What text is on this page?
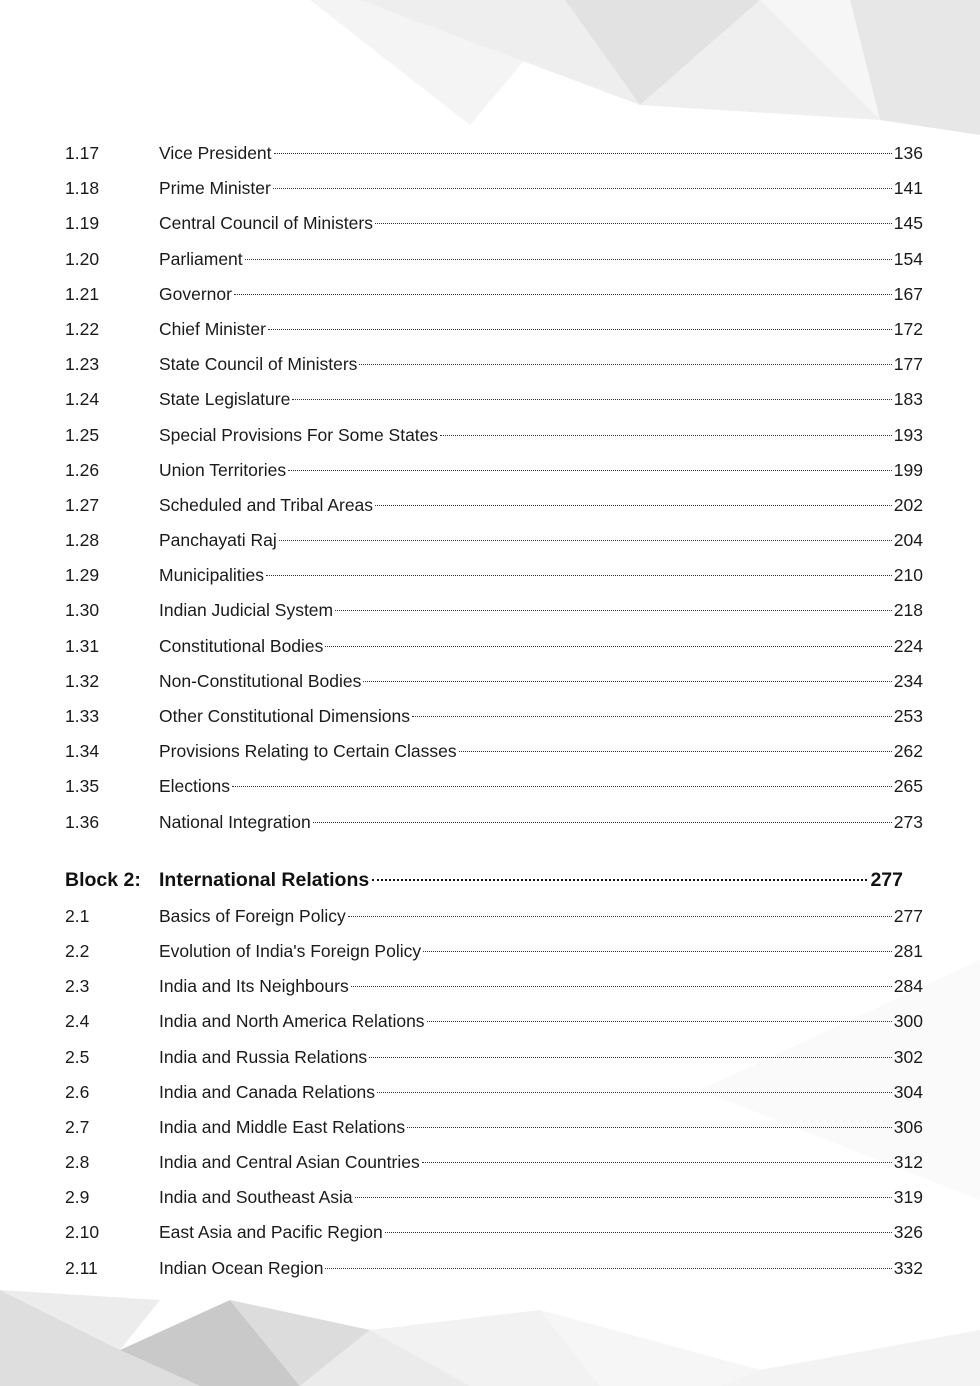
1.17	Vice President	136
1.18	Prime Minister	141
1.19	Central Council of Ministers	145
1.20	Parliament	154
1.21	Governor	167
1.22	Chief Minister	172
1.23	State Council of Ministers	177
1.24	State Legislature	183
1.25	Special Provisions For Some States	193
1.26	Union Territories	199
1.27	Scheduled and Tribal Areas	202
1.28	Panchayati Raj	204
1.29	Municipalities	210
1.30	Indian Judicial System	218
1.31	Constitutional Bodies	224
1.32	Non-Constitutional Bodies	234
1.33	Other Constitutional Dimensions	253
1.34	Provisions Relating to Certain Classes	262
1.35	Elections	265
1.36	National Integration	273
Block 2: International Relations	277
2.1	Basics of Foreign Policy	277
2.2	Evolution of India's Foreign Policy	281
2.3	India and Its Neighbours	284
2.4	India and North America Relations	300
2.5	India and Russia Relations	302
2.6	India and Canada Relations	304
2.7	India and Middle East Relations	306
2.8	India and Central Asian Countries	312
2.9	India and Southeast Asia	319
2.10	East Asia and Pacific Region	326
2.11	Indian Ocean Region	332
